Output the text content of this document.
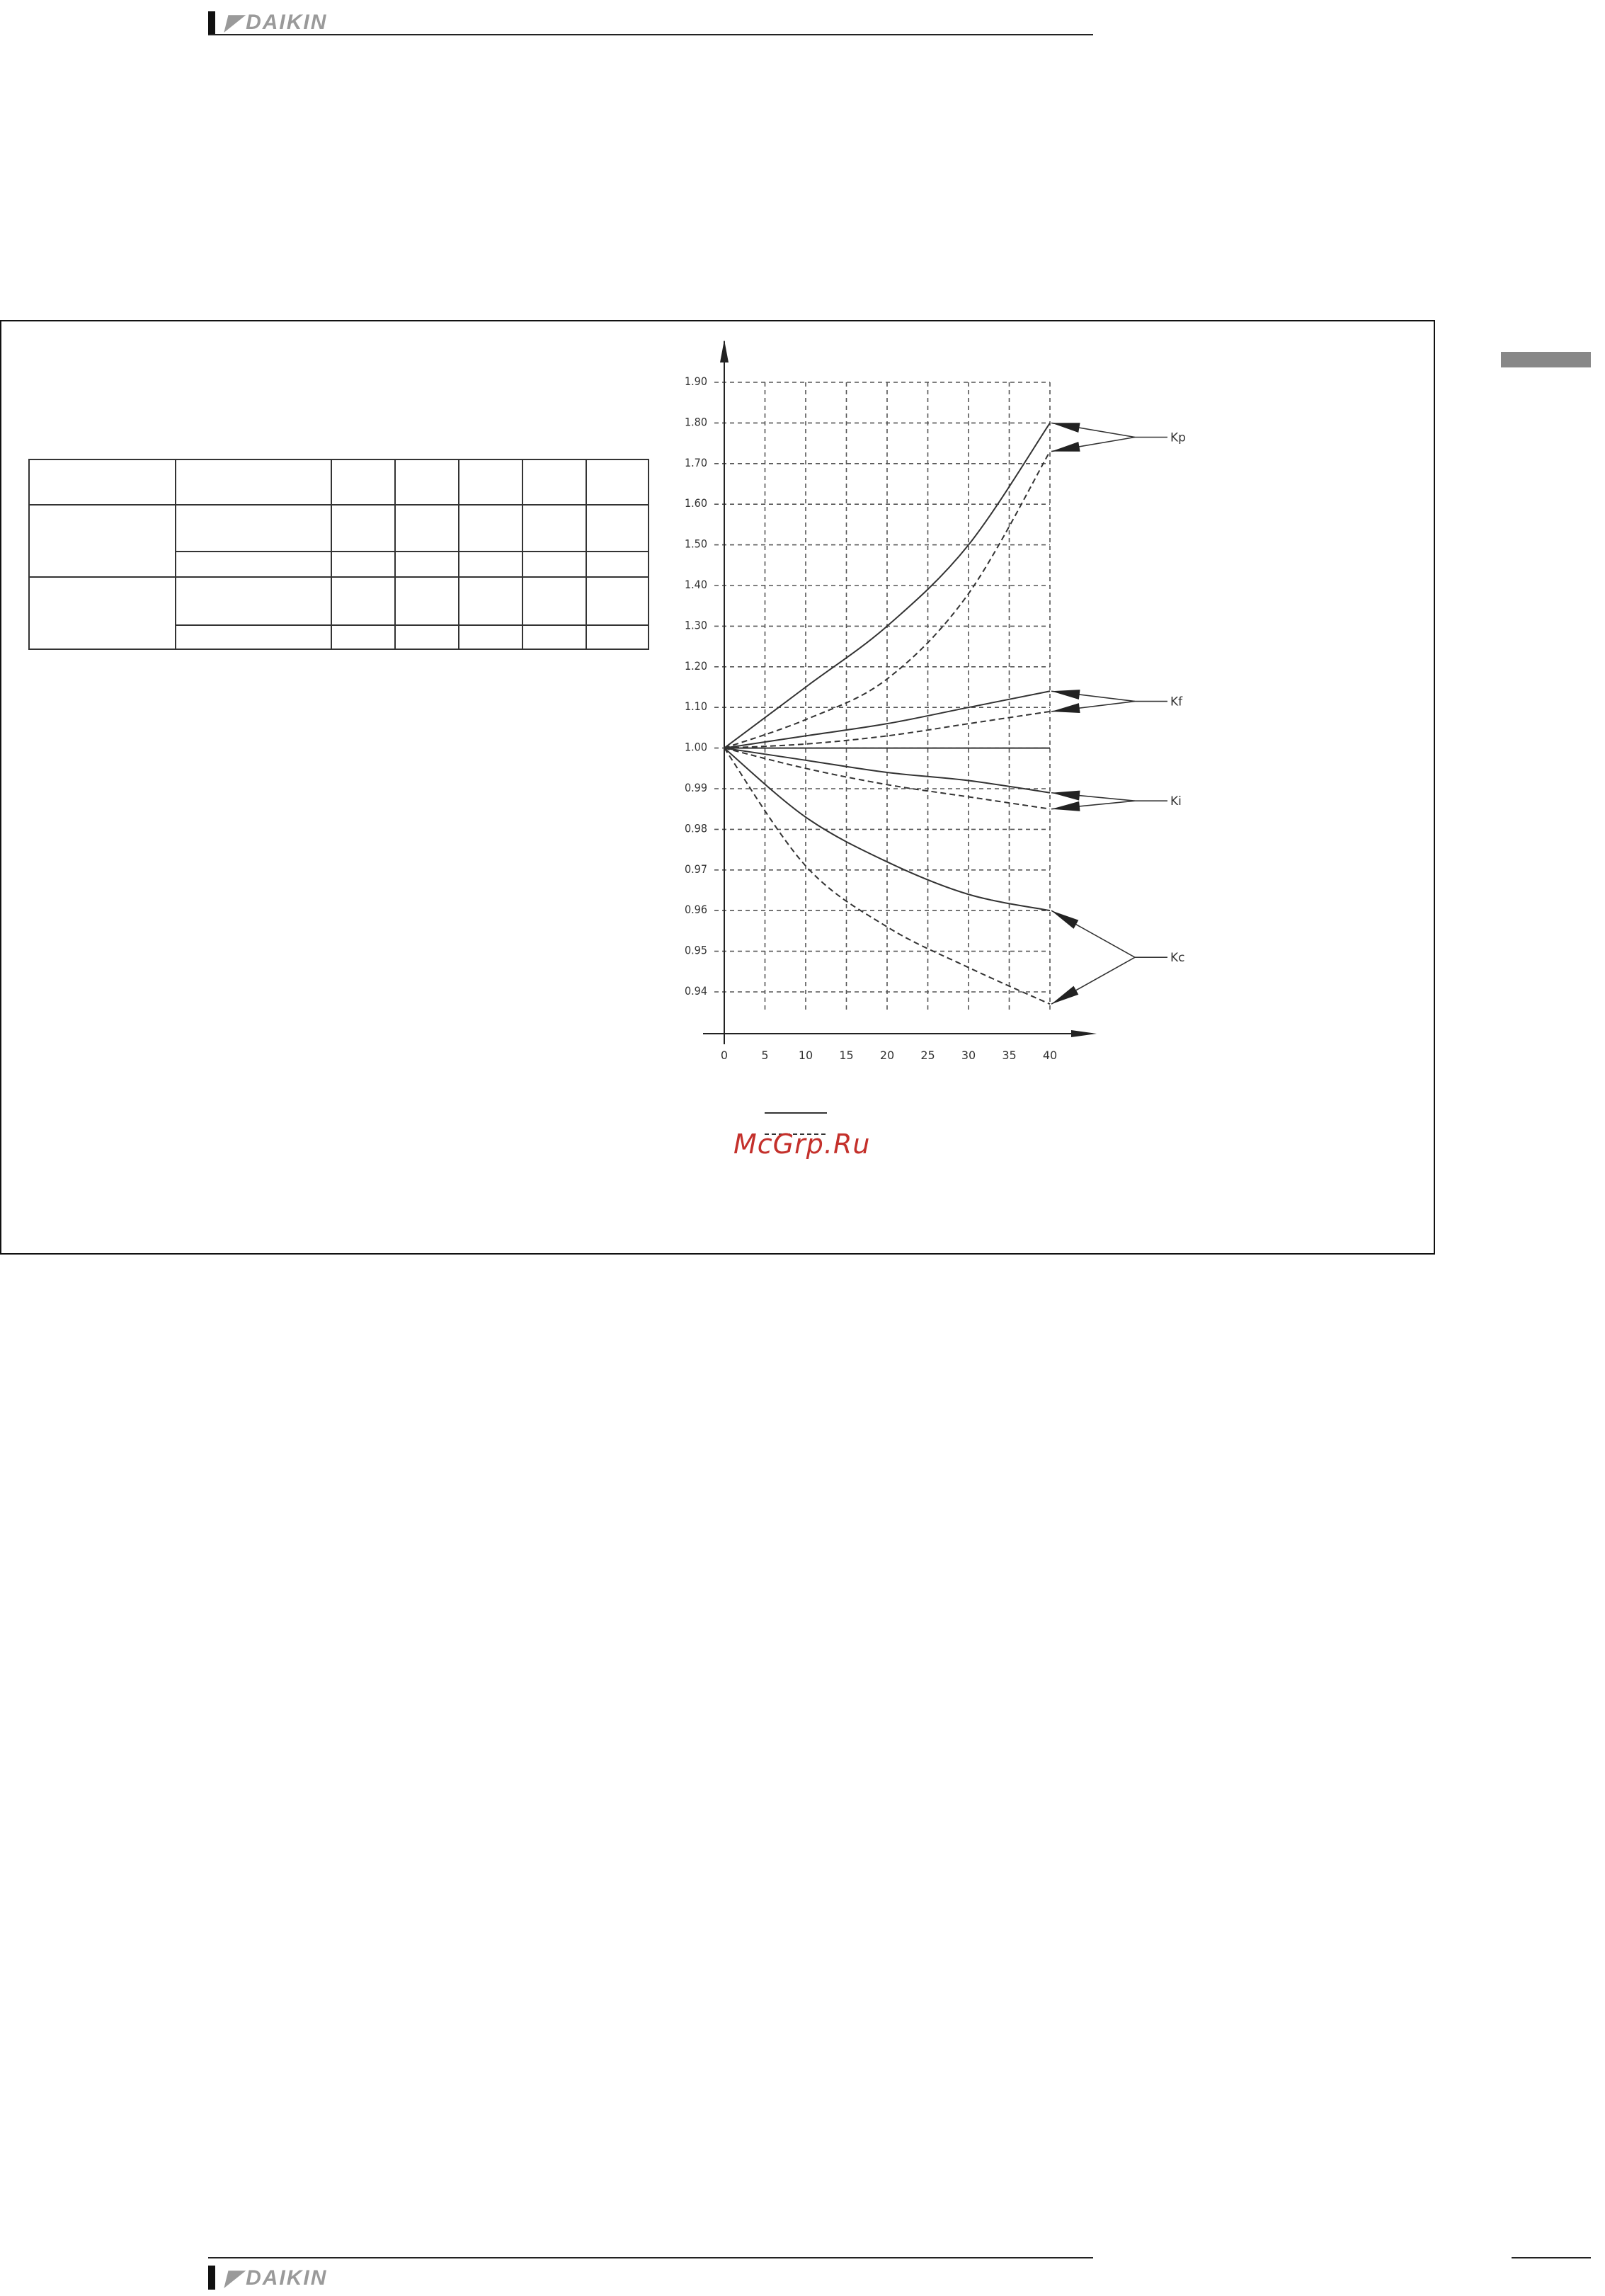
◤ DAIKIN

1.90
1.80
1.70
1.60
1.50
1.40
1.30
1.20
1.10
1.00
0.99
0.98
0.97
0.96
0.95
0.94
0	5	10 15 20 25 30 35 40
Kp
Kf
Ki
Kc
McGrp.Ru
◤ DAIKIN
